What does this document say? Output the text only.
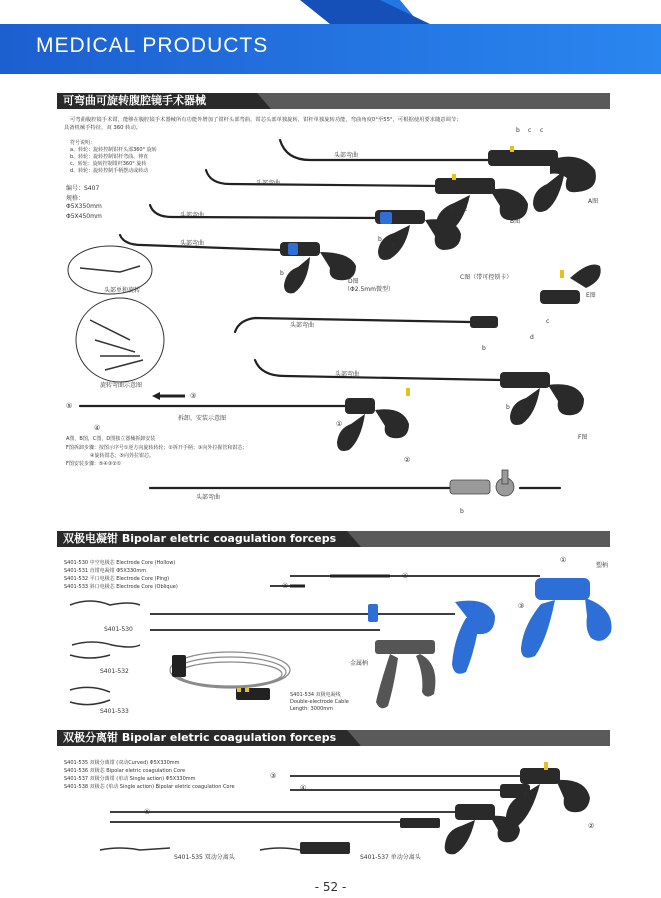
MEDICAL PRODUCTS
可弯曲可旋转腹腔镜手术器械
可弯曲腹腔镜手术钳，能够在腹腔镜手术器械所有功能外增加了钳杆头部弯曲，钳芯头部单独旋转，钳杆单独旋转功能，弯曲角度0°至55°，可根据使用要求随意调节；
具备机械手特征，双 360 转动。
符号说明：
a、转轮：旋转控制钳杆头部360° 旋转
b、转轮：旋转控制钳杆弯曲、伸直
c、转轮：旋转控制钳杆360° 旋转
d、转轮：旋转控制手柄摆动或转动
编号：S407
规格：
Φ5X350mm
Φ5X450mm
头部弯曲
头部弯曲
头部弯曲
头部弯曲
头部弯曲
头部弯曲
头部弯曲
头部单独旋转
旋转弯曲示意图
A图
B图
C图（带可控锁卡）
D图
（Φ2.5mm微型）
E图
F图
b c c
b c
b
c
b c
d
c
b
b c
b
③
⑤
④	①
②
拆卸，安装示意图
A图，B图，C图，D图独立器械拆卸安装
F图拆卸步骤：按图示序号①逆方向旋转转轮；②拆开手柄；③向外拉握管和钳芯；
④旋转钳芯；⑤向外拉钳芯。
F图安装步骤：⑤④③②①
双极电凝钳 Bipolar eletric coagulation forceps
S401-530 中空电极芯 Electrode Core (Hollow)
S401-531 直钳电凝钳 Φ5X330mm
S401-532 平口电极芯 Electrode Core (Ping)
S401-533 斜口电极芯 Electrode Core (Oblique)
S401-530
S401-532
S401-533
塑柄
金属柄
S401-534 双极电凝线
Double-electrode Cable
Length: 3000mm
①
②
③
④
双极分离钳 Bipolar eletric coagulation forceps
S401-535 双极分离钳 (双动Curved) Φ5X330mm
S401-536 双极芯 Bipolar eletric coagulation Core
S401-537 双极分离钳 (单动 Single action) Φ5X330mm
S401-538 双极芯 (单动 Single action) Bipolar eletric coagulation Core
S401-535 双动分离头	S401-537 单动分离头
①
③
④
⑤
②
- 52 -
